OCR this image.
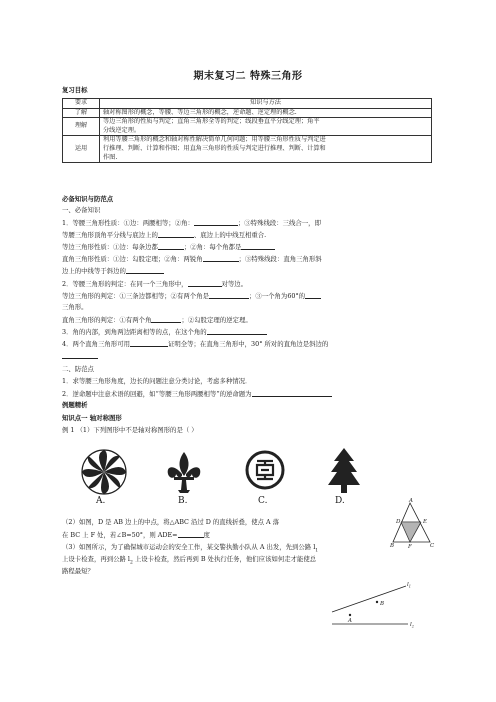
期末复习二 特殊三角形
复习目标
要求	知识与方法
了解	轴对称图形的概念，等腰、等边三角形的概念，逆命题、逆定理的概念.
理解	等边三角形的性质与判定；直角三角形全等的判定；线段垂直平分线定理；角平
分线逆定理。

运用	利用等腰三角形的概念和轴对称性解决简单几何问题；用等腰三角形性质与判定进
行推理、判断、计算和作图；用直角三角形的性质与判定进行推理、判断、计算和
作图.
必备知识与防范点
一、必备知识
1．等腰三角形性质：①边：两腰相等；②角：	；③特殊线段：三线合一，即
等腰三角形顶角平分线与底边上的	、底边上的中线互相重合.
等边三角形性质：①边：每条边都	；②角：每个角都是
直角三角形性质：①边：勾股定理；②角：两锐角	；③特殊线段：直角三角形斜
边上的中线等于斜边的
2．等腰三角形的判定：在同一个三角形中，	对等边。
等边三角形的判定：①三条边都相等；②有两个角是	；③一个角为60°的
三角形。
直角三角形的判定：①有两个角	；②勾股定理的逆定理。
3．角的内部，到角两边距离相等的点，在这个角的
4．两个直角三角形可用	证明全等；在直角三角形中，30° 所对的直角边是斜边的
二、防范点
1．求等腰三角形角度，边长的问题注意分类讨论，考虑多种情况．
2．逆命题中注意术语的回避，如“等腰三角形两腰相等”的逆命题为
例题精析
知识点一 轴对称图形
例 1 （1）下列图形中不是轴对称图形的是（ ）
A.	B.	C.	D.	A
D	E
B	F	C
（2）如图，D 是 AB 边上的中点，将△ABC 沿过 D 的直线折叠，使点 A 落
在 BC 上 F 处，若∠B=50°，则 ADE=	度
（3）如图所示，为了确保城市运动会的安全工作，某交警执勤小队从 A 出发，先到公路 $l_1$
上设卡检查，再到公路 $l_2$ 上设卡检查，然后再到 B 处执行任务，他们应该如何走才能使总
路程最短？
A
B
$l_1$
$l_2$
